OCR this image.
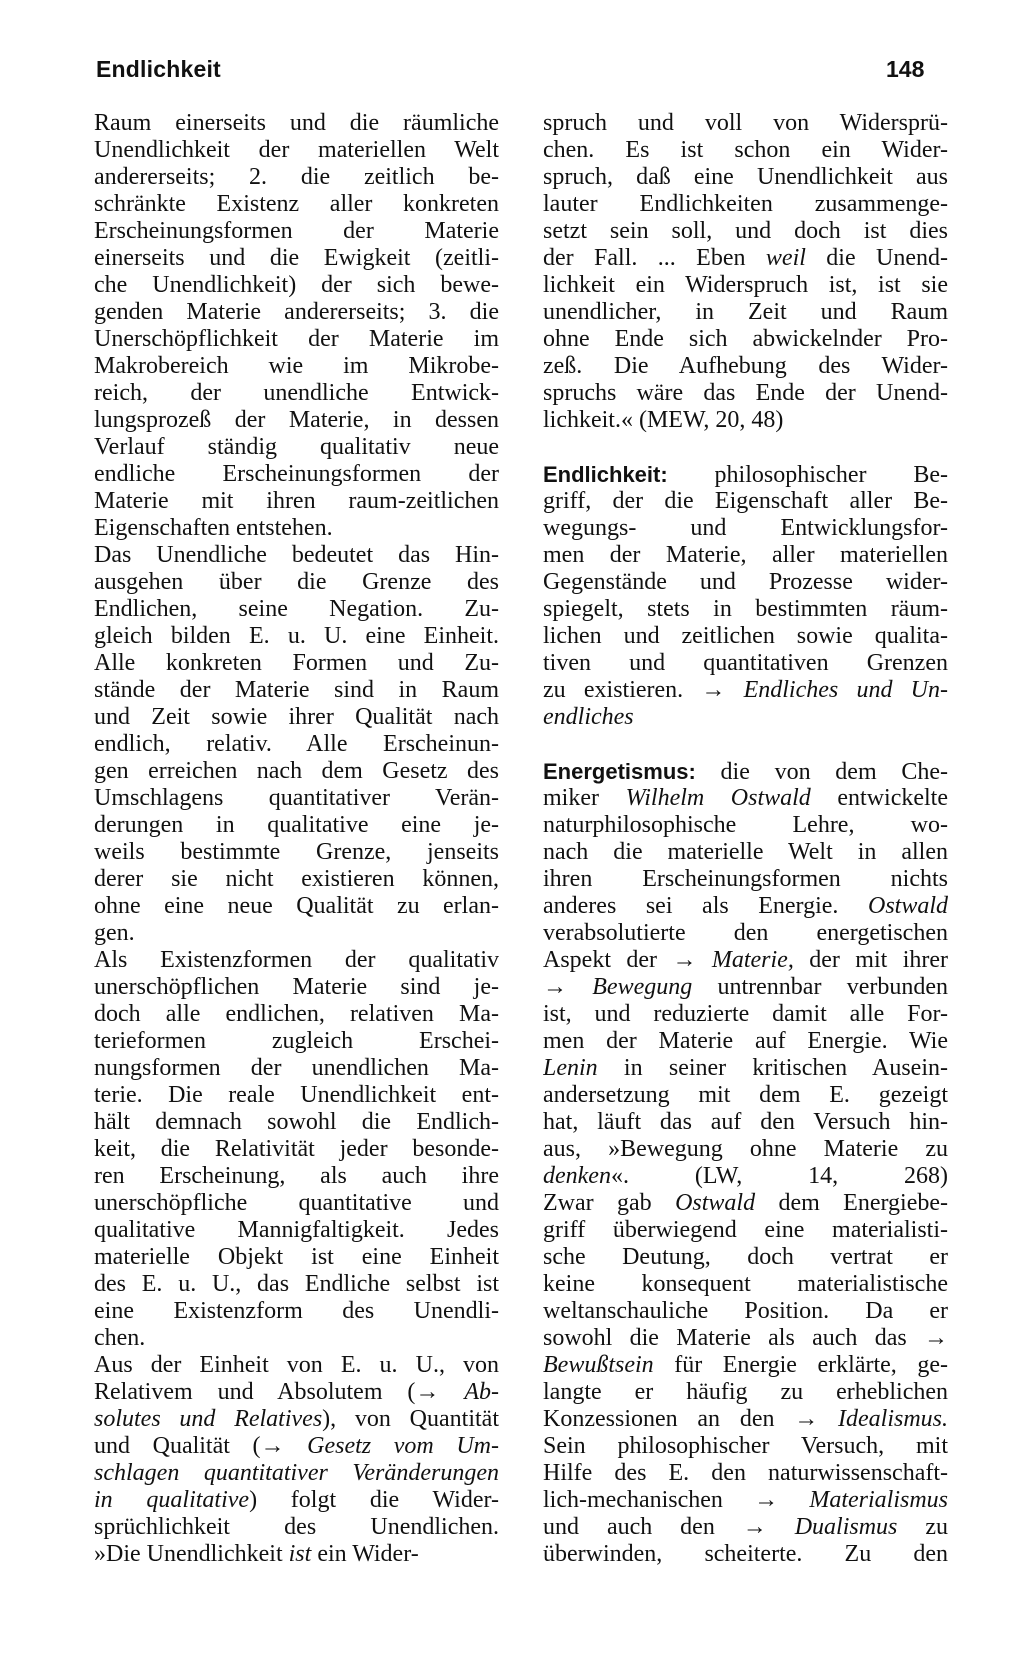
Endlichkeit	148
Raum einerseits und die räumliche
Unendlichkeit der materiellen Welt
andererseits; 2. die zeitlich be-
schränkte Existenz aller konkreten
Erscheinungsformen der Materie
einerseits und die Ewigkeit (zeitli-
che Unendlichkeit) der sich bewe-
genden Materie andererseits; 3. die
Unerschöpflichkeit der Materie im
Makrobereich wie im Mikrobe-
reich, der unendliche Entwick-
lungsprozeß der Materie, in dessen
Verlauf ständig qualitativ neue
endliche Erscheinungsformen der
Materie mit ihren raum-zeitlichen
Eigenschaften entstehen.
Das Unendliche bedeutet das Hin-
ausgehen über die Grenze des
Endlichen, seine Negation. Zu-
gleich bilden E. u. U. eine Einheit.
Alle konkreten Formen und Zu-
stände der Materie sind in Raum
und Zeit sowie ihrer Qualität nach
endlich, relativ. Alle Erscheinun-
gen erreichen nach dem Gesetz des
Umschlagens quantitativer Verän-
derungen in qualitative eine je-
weils bestimmte Grenze, jenseits
derer sie nicht existieren können,
ohne eine neue Qualität zu erlan-
gen.
Als Existenzformen der qualitativ
unerschöpflichen Materie sind je-
doch alle endlichen, relativen Ma-
terieformen zugleich Erschei-
nungsformen der unendlichen Ma-
terie. Die reale Unendlichkeit ent-
hält demnach sowohl die Endlich-
keit, die Relativität jeder besonde-
ren Erscheinung, als auch ihre
unerschöpfliche quantitative und
qualitative Mannigfaltigkeit. Jedes
materielle Objekt ist eine Einheit
des E. u. U., das Endliche selbst ist
eine Existenzform des Unendli-
chen.
Aus der Einheit von E. u. U., von
Relativem und Absolutem (→ Ab-
solutes und Relatives), von Quantität
und Qualität (→ Gesetz vom Um-
schlagen quantitativer Veränderungen
in qualitative) folgt die Wider-
sprüchlichkeit des Unendlichen.
»Die Unendlichkeit ist ein Wider-
spruch und voll von Widersprü-
chen. Es ist schon ein Wider-
spruch, daß eine Unendlichkeit aus
lauter Endlichkeiten zusammenge-
setzt sein soll, und doch ist dies
der Fall. ... Eben weil die Unend-
lichkeit ein Widerspruch ist, ist sie
unendlicher, in Zeit und Raum
ohne Ende sich abwickelnder Pro-
zeß. Die Aufhebung des Wider-
spruchs wäre das Ende der Unend-
lichkeit.« (MEW, 20, 48)
Endlichkeit: philosophischer Be-
griff, der die Eigenschaft aller Be-
wegungs- und Entwicklungsfor-
men der Materie, aller materiellen
Gegenstände und Prozesse wider-
spiegelt, stets in bestimmten räum-
lichen und zeitlichen sowie qualita-
tiven und quantitativen Grenzen
zu existieren. → Endliches und Un-
endliches
Energetismus: die von dem Che-
miker Wilhelm Ostwald entwickelte
naturphilosophische Lehre, wo-
nach die materielle Welt in allen
ihren Erscheinungsformen nichts
anderes sei als Energie. Ostwald
verabsolutierte den energetischen
Aspekt der → Materie, der mit ihrer
→ Bewegung untrennbar verbunden
ist, und reduzierte damit alle For-
men der Materie auf Energie. Wie
Lenin in seiner kritischen Ausein-
andersetzung mit dem E. gezeigt
hat, läuft das auf den Versuch hin-
aus, »Bewegung ohne Materie zu
denken«. (LW, 14, 268)
Zwar gab Ostwald dem Energiebe-
griff überwiegend eine materialisti-
sche Deutung, doch vertrat er
keine konsequent materialistische
weltanschauliche Position. Da er
sowohl die Materie als auch das →
Bewußtsein für Energie erklärte, ge-
langte er häufig zu erheblichen
Konzessionen an den → Idealismus.
Sein philosophischer Versuch, mit
Hilfe des E. den naturwissenschaft-
lich-mechanischen → Materialismus
und auch den → Dualismus zu
überwinden, scheiterte. Zu den
